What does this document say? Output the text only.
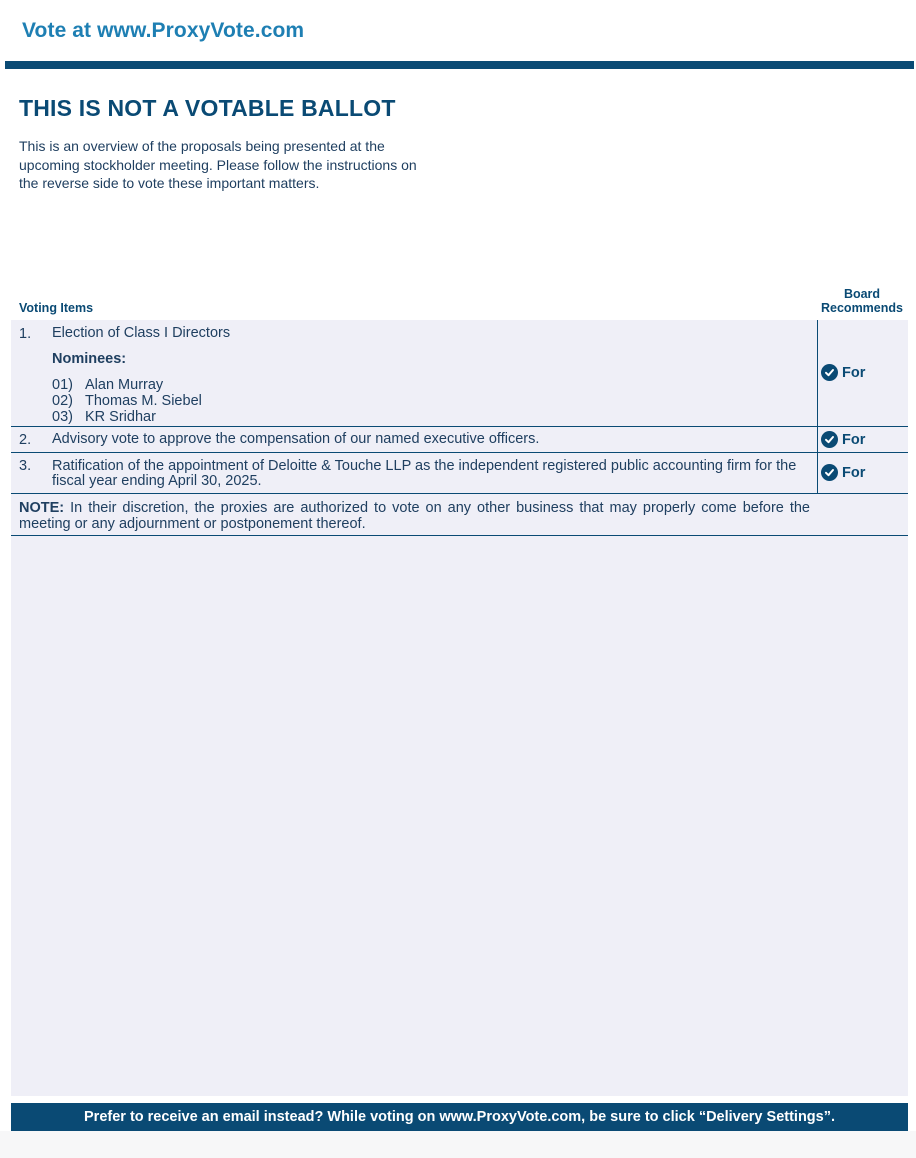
Vote at www.ProxyVote.com
THIS IS NOT A VOTABLE BALLOT
This is an overview of the proposals being presented at the
upcoming stockholder meeting. Please follow the instructions on
the reverse side to vote these important matters.
Voting Items
Board
Recommends
1. Election of Class I Directors
Nominees:
01) Alan Murray
02) Thomas M. Siebel
03) KR Sridhar
For
2. Advisory vote to approve the compensation of our named executive officers.	For
3. Ratification of the appointment of Deloitte & Touche LLP as the independent registered public accounting firm for the fiscal year ending April 30, 2025.
For
NOTE: In their discretion, the proxies are authorized to vote on any other business that may properly come before the meeting or any adjournment or postponement thereof.
Prefer to receive an email instead? While voting on www.ProxyVote.com, be sure to click “Delivery Settings”.
